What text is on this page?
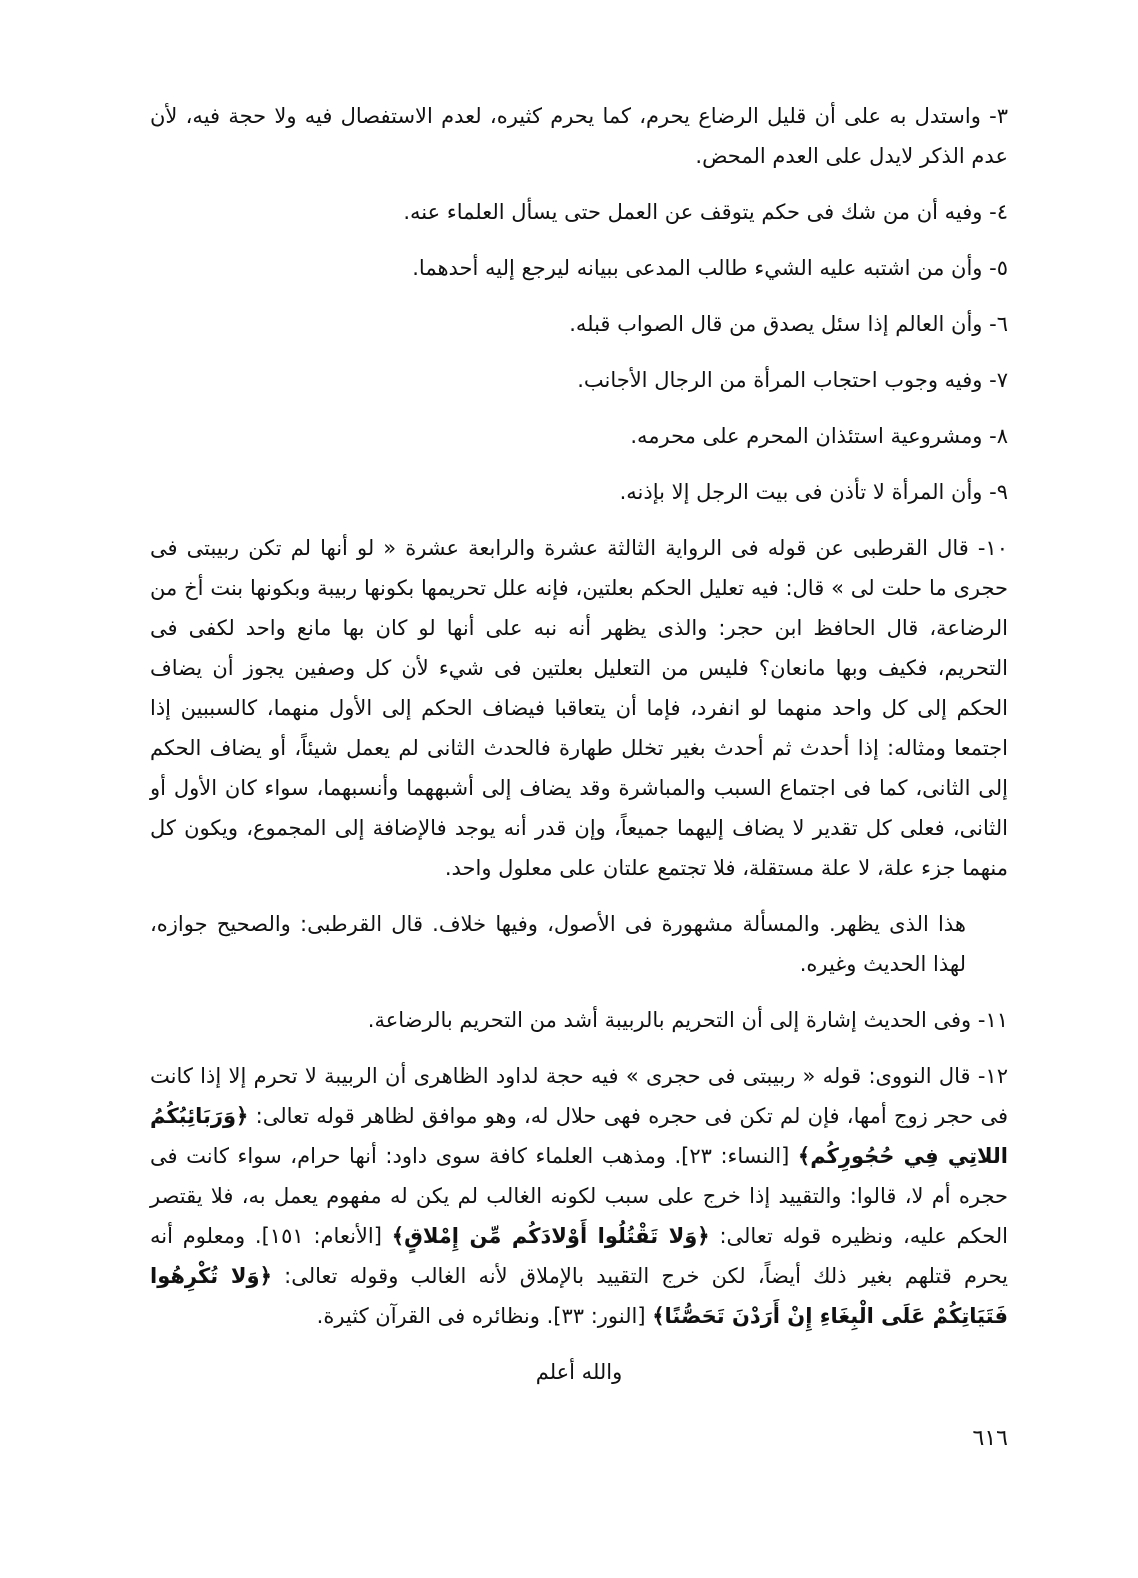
٣- واستدل به على أن قليل الرضاع يحرم، كما يحرم كثيره، لعدم الاستفصال فيه ولا حجة فيه، لأن عدم الذكر لايدل على العدم المحض.

٤- وفيه أن من شك فى حكم يتوقف عن العمل حتى يسأل العلماء عنه.

٥- وأن من اشتبه عليه الشيء طالب المدعى ببيانه ليرجع إليه أحدهما.

٦- وأن العالم إذا سئل يصدق من قال الصواب قبله.

٧- وفيه وجوب احتجاب المرأة من الرجال الأجانب.

٨- ومشروعية استئذان المحرم على محرمه.

٩- وأن المرأة لا تأذن فى بيت الرجل إلا بإذنه.

١٠- قال القرطبى عن قوله فى الرواية الثالثة عشرة والرابعة عشرة « لو أنها لم تكن ربيبتى فى حجرى ما حلت لى » قال: فيه تعليل الحكم بعلتين، فإنه علل تحريمها بكونها ربيبة وبكونها بنت أخ من الرضاعة، قال الحافظ ابن حجر: والذى يظهر أنه نبه على أنها لو كان بها مانع واحد لكفى فى التحريم، فكيف وبها مانعان؟ فليس من التعليل بعلتين فى شيء لأن كل وصفين يجوز أن يضاف الحكم إلى كل واحد منهما لو انفرد، فإما أن يتعاقبا فيضاف الحكم إلى الأول منهما، كالسببين إذا اجتمعا ومثاله: إذا أحدث ثم أحدث بغير تخلل طهارة فالحدث الثانى لم يعمل شيئاً، أو يضاف الحكم إلى الثانى، كما فى اجتماع السبب والمباشرة وقد يضاف إلى أشبههما وأنسبهما، سواء كان الأول أو الثانى، فعلى كل تقدير لا يضاف إليهما جميعاً، وإن قدر أنه يوجد فالإضافة إلى المجموع، ويكون كل منهما جزء علة، لا علة مستقلة، فلا تجتمع علتان على معلول واحد.

هذا الذى يظهر. والمسألة مشهورة فى الأصول، وفيها خلاف. قال القرطبى: والصحيح جوازه، لهذا الحديث وغيره.

١١- وفى الحديث إشارة إلى أن التحريم بالربيبة أشد من التحريم بالرضاعة.

١٢- قال النووى: قوله « ربيبتى فى حجرى » فيه حجة لداود الظاهرى أن الربيبة لا تحرم إلا إذا كانت فى حجر زوج أمها، فإن لم تكن فى حجره فهى حلال له، وهو موافق لظاهر قوله تعالى: ﴿وَرَبَائِبُكُمُ اللاتِي فِي حُجُورِكُم﴾ [النساء: ٢٣]. ومذهب العلماء كافة سوى داود: أنها حرام، سواء كانت فى حجره أم لا، قالوا: والتقييد إذا خرج على سبب لكونه الغالب لم يكن له مفهوم يعمل به، فلا يقتصر الحكم عليه، ونظيره قوله تعالى: ﴿وَلا تَقْتُلُوا أَوْلادَكُم مِّن إِمْلاقٍ﴾ [الأنعام: ١٥١]. ومعلوم أنه يحرم قتلهم بغير ذلك أيضاً، لكن خرج التقييد بالإملاق لأنه الغالب وقوله تعالى: ﴿وَلا تُكْرِهُوا فَتَيَاتِكُمْ عَلَى الْبِغَاءِ إِنْ أَرَدْنَ تَحَصُّنًا﴾ [النور: ٣٣]. ونظائره فى القرآن كثيرة.

والله أعلم

٦١٦
